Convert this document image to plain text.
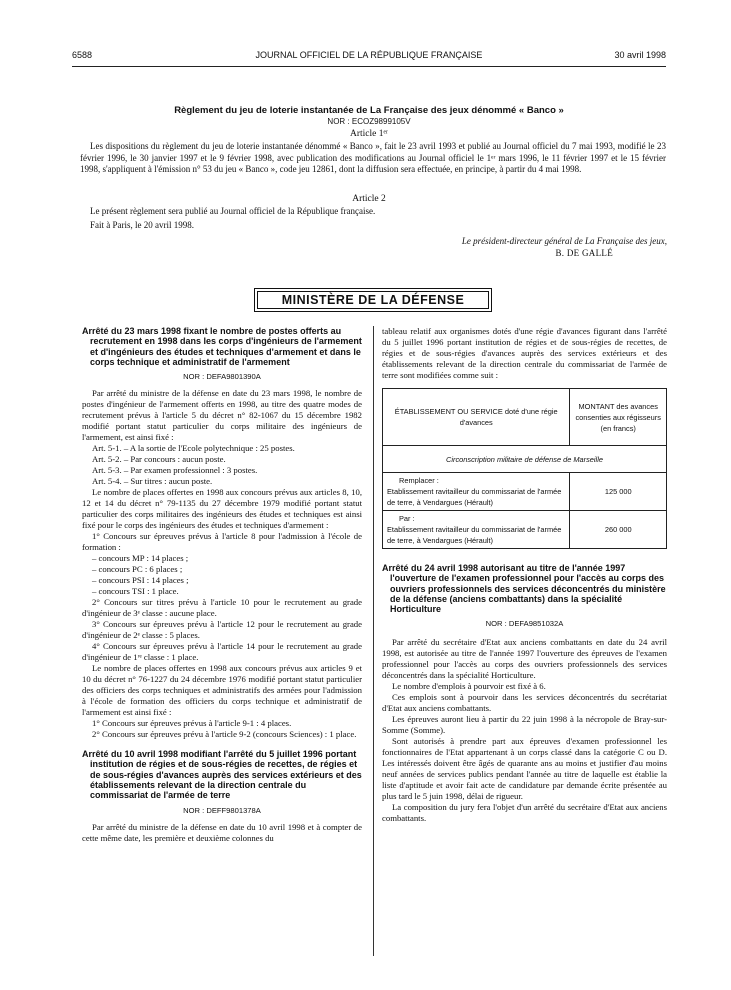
6588	JOURNAL OFFICIEL DE LA RÉPUBLIQUE FRANÇAISE	30 avril 1998
Règlement du jeu de loterie instantanée de La Française des jeux dénommé « Banco »
NOR : ECOZ9899105V
Article 1ᵉʳ

Les dispositions du règlement du jeu de loterie instantanée dénommé « Banco », fait le 23 avril 1993 et publié au Journal officiel du 7 mai 1993, modifié le 23 février 1996, le 30 janvier 1997 et le 9 février 1998, avec publication des modifications au Journal officiel le 1ᵉʳ mars 1996, le 11 février 1997 et le 15 février 1998, s'appliquent à l'émission n° 53 du jeu « Banco », code jeu 12861, dont la diffusion sera effectuée, en principe, à partir du 4 mai 1998.

Article 2

Le présent règlement sera publié au Journal officiel de la République française.

Fait à Paris, le 20 avril 1998.

Le président-directeur général de La Française des jeux,
B. DE GALLÉ
MINISTÈRE DE LA DÉFENSE

Arrêté du 23 mars 1998 fixant le nombre de postes offerts au recrutement en 1998 dans les corps d'ingénieurs de l'armement et d'ingénieurs des études et techniques d'armement et dans le corps technique et administratif de l'armement

NOR : DEFA9801390A

Par arrêté du ministre de la défense en date du 23 mars 1998, le nombre de postes d'ingénieur de l'armement offerts en 1998, au titre des quatre modes de recrutement prévus à l'article 5 du décret n° 82-1067 du 15 décembre 1982 modifié portant statut particulier du corps militaire des ingénieurs de l'armement, est ainsi fixé :

Art. 5-1. – A la sortie de l'Ecole polytechnique : 25 postes.

Art. 5-2. – Par concours : aucun poste.

Art. 5-3. – Par examen professionnel : 3 postes.

Art. 5-4. – Sur titres : aucun poste.

Le nombre de places offertes en 1998 aux concours prévus aux articles 8, 10, 12 et 14 du décret n° 79-1135 du 27 décembre 1979 modifié portant statut particulier des corps militaires des ingénieurs des études et techniques est ainsi fixé pour le corps des ingénieurs des études et techniques d'armement :

1° Concours sur épreuves prévus à l'article 8 pour l'admission à l'école de formation :

– concours MP : 14 places ;

– concours PC : 6 places ;

– concours PSI : 14 places ;

– concours TSI : 1 place.

2° Concours sur titres prévu à l'article 10 pour le recrutement au grade d'ingénieur de 3ᵉ classe : aucune place.

3° Concours sur épreuves prévu à l'article 12 pour le recrutement au grade d'ingénieur de 2ᵉ classe : 5 places.

4° Concours sur épreuves prévu à l'article 14 pour le recrutement au grade d'ingénieur de 1ʳᵉ classe : 1 place.

Le nombre de places offertes en 1998 aux concours prévus aux articles 9 et 10 du décret n° 76-1227 du 24 décembre 1976 modifié portant statut particulier des officiers des corps techniques et administratifs des armées pour l'admission à l'école de formation des officiers du corps technique et administratif de l'armement est ainsi fixé :

1° Concours sur épreuves prévus à l'article 9-1 : 4 places.

2° Concours sur épreuves prévu à l'article 9-2 (concours Sciences) : 1 place.

Arrêté du 10 avril 1998 modifiant l'arrêté du 5 juillet 1996 portant institution de régies et de sous-régies de recettes, de régies et de sous-régies d'avances auprès des services extérieurs et des établissements relevant de la direction centrale du commissariat de l'armée de terre

NOR : DEFF9801378A

Par arrêté du ministre de la défense en date du 10 avril 1998 et à compter de cette même date, les première et deuxième colonnes du

tableau relatif aux organismes dotés d'une régie d'avances figurant dans l'arrêté du 5 juillet 1996 portant institution de régies et de sous-régies de recettes, de régies et de sous-régies d'avances auprès des services extérieurs et des établissements relevant de la direction centrale du commissariat de l'armée de terre sont modifiées comme suit :

ÉTABLISSEMENT OU SERVICE doté d'une régie d'avances	MONTANT des avances consenties aux régisseurs (en francs)
Circonscription militaire de défense de Marseille	

Remplacer :
Etablissement ravitailleur du commissariat de l'armée de terre, à Vendargues (Hérault)	125 000

Par :
Etablissement ravitailleur du commissariat de l'armée de terre, à Vendargues (Hérault)	260 000

Arrêté du 24 avril 1998 autorisant au titre de l'année 1997 l'ouverture de l'examen professionnel pour l'accès au corps des ouvriers professionnels des services déconcentrés du ministère de la défense (anciens combattants) dans la spécialité Horticulture

NOR : DEFA9851032A

Par arrêté du secrétaire d'Etat aux anciens combattants en date du 24 avril 1998, est autorisée au titre de l'année 1997 l'ouverture des épreuves de l'examen professionnel pour l'accès au corps des ouvriers professionnels des services déconcentrés dans la spécialité Horticulture.

Le nombre d'emplois à pourvoir est fixé à 6.

Ces emplois sont à pourvoir dans les services déconcentrés du secrétariat d'Etat aux anciens combattants.

Les épreuves auront lieu à partir du 22 juin 1998 à la nécropole de Bray-sur-Somme (Somme).

Sont autorisés à prendre part aux épreuves d'examen professionnel les fonctionnaires de l'Etat appartenant à un corps classé dans la catégorie C ou D. Les intéressés doivent être âgés de quarante ans au moins et justifier d'au moins neuf années de services publics pendant l'année au titre de laquelle est établie la liste d'aptitude et avoir fait acte de candidature par demande écrite présentée au plus tard le 5 juin 1998, délai de rigueur.

La composition du jury fera l'objet d'un arrêté du secrétaire d'Etat aux anciens combattants.
